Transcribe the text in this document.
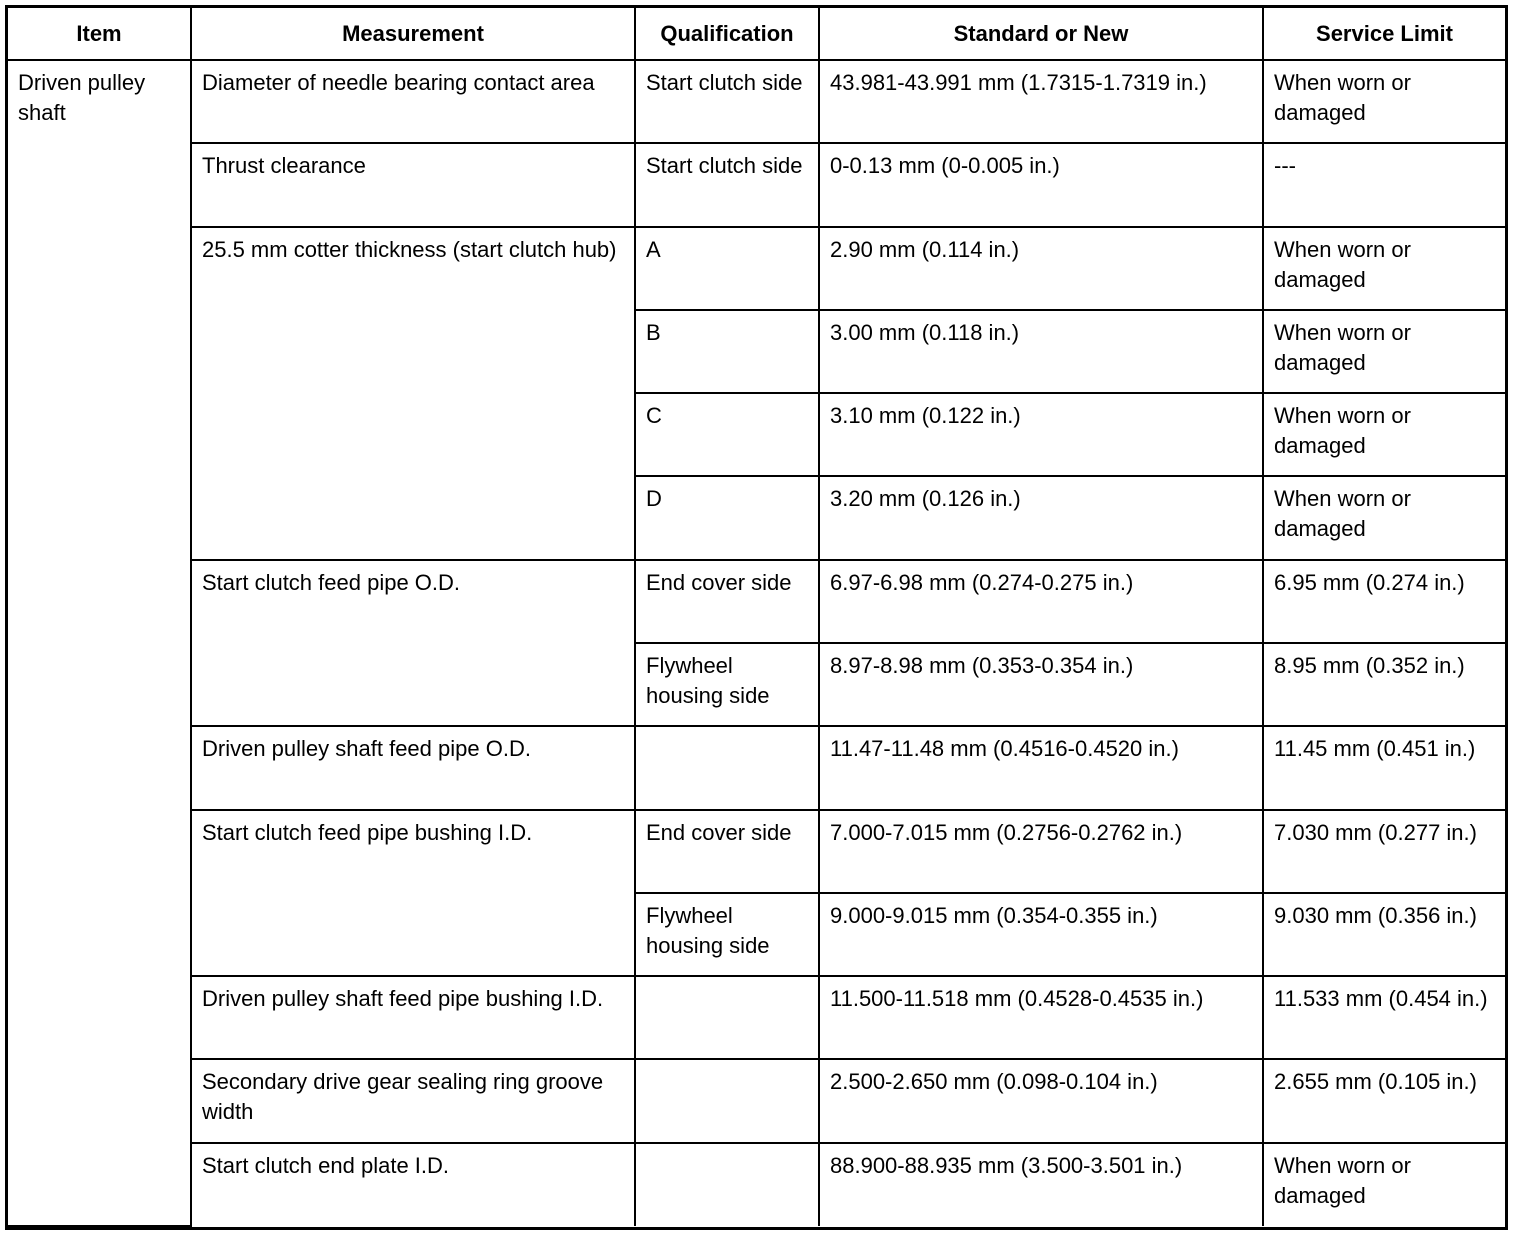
Item	Measurement	Qualification	Standard or New	Service Limit
Driven pulley shaft	Diameter of needle bearing contact area	Start clutch side	43.981-43.991 mm (1.7315-1.7319 in.)	When worn or damaged
	Thrust clearance	Start clutch side	0-0.13 mm (0-0.005 in.)	---
	25.5 mm cotter thickness (start clutch hub)	A	2.90 mm (0.114 in.)	When worn or damaged
		B	3.00 mm (0.118 in.)	When worn or damaged
		C	3.10 mm (0.122 in.)	When worn or damaged
		D	3.20 mm (0.126 in.)	When worn or damaged
	Start clutch feed pipe O.D.	End cover side	6.97-6.98 mm (0.274-0.275 in.)	6.95 mm (0.274 in.)
		Flywheel housing side	8.97-8.98 mm (0.353-0.354 in.)	8.95 mm (0.352 in.)
	Driven pulley shaft feed pipe O.D.		11.47-11.48 mm (0.4516-0.4520 in.)	11.45 mm (0.451 in.)
	Start clutch feed pipe bushing I.D.	End cover side	7.000-7.015 mm (0.2756-0.2762 in.)	7.030 mm (0.277 in.)
		Flywheel housing side	9.000-9.015 mm (0.354-0.355 in.)	9.030 mm (0.356 in.)
	Driven pulley shaft feed pipe bushing I.D.		11.500-11.518 mm (0.4528-0.4535 in.)	11.533 mm (0.454 in.)
	Secondary drive gear sealing ring groove width		2.500-2.650 mm (0.098-0.104 in.)	2.655 mm (0.105 in.)
	Start clutch end plate I.D.		88.900-88.935 mm (3.500-3.501 in.)	When worn or damaged
